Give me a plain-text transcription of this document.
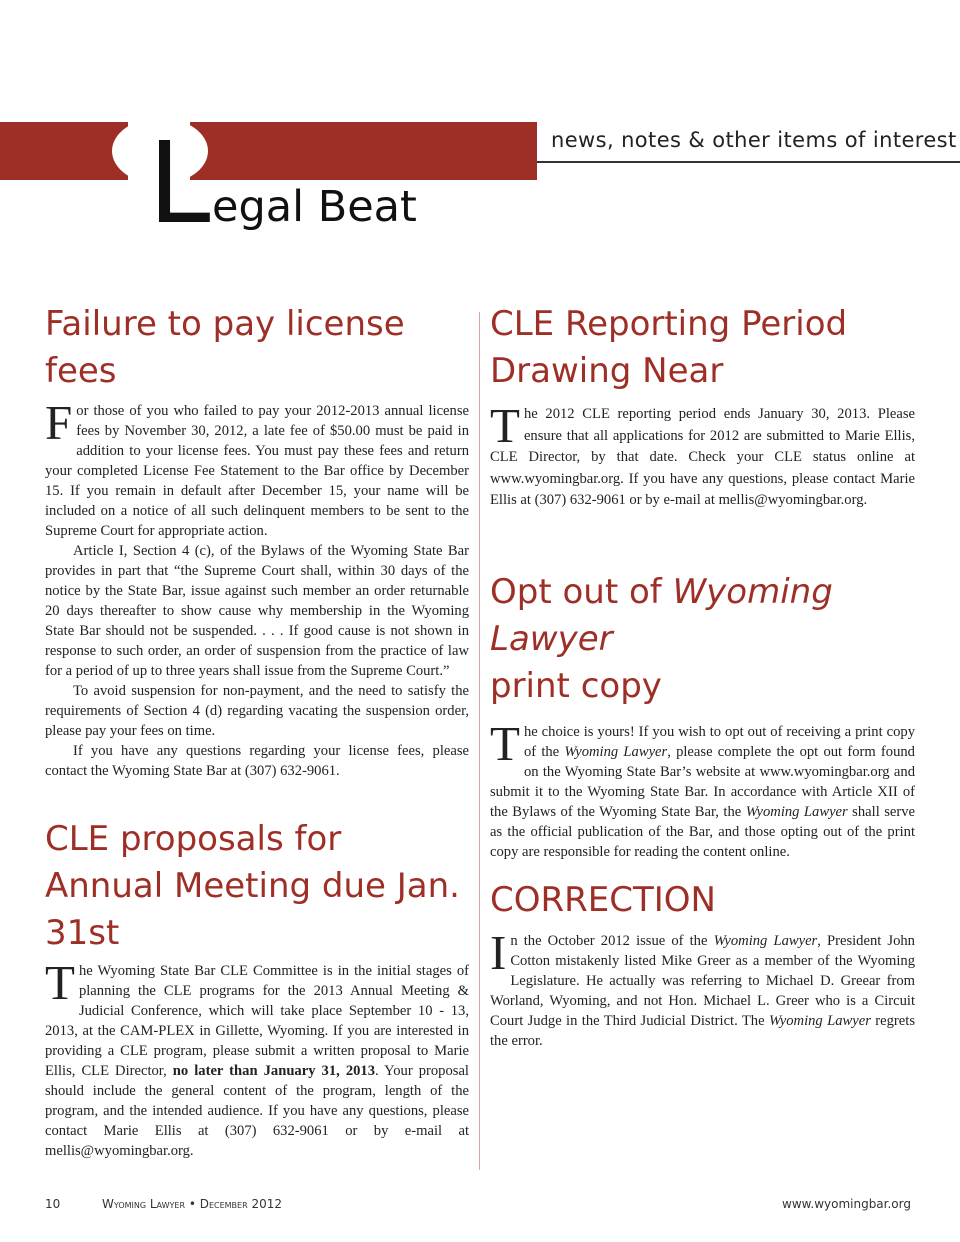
news, notes & other items of interest
L egal Beat
Failure to pay license fees

For those of you who failed to pay your 2012-2013 annual license fees by November 30, 2012, a late fee of $50.00 must be paid in addition to your license fees. You must pay these fees and return your completed License Fee Statement to the Bar office by December 15. If you remain in default after December 15, your name will be included on a notice of all such delinquent members to be sent to the Supreme Court for appropriate action.

Article I, Section 4 (c), of the Bylaws of the Wyoming State Bar provides in part that “the Supreme Court shall, within 30 days of the notice by the State Bar, issue against such member an order returnable 20 days thereafter to show cause why membership in the Wyoming State Bar should not be suspended. . . . If good cause is not shown in response to such order, an order of suspension from the practice of law for a period of up to three years shall issue from the Supreme Court.”

To avoid suspension for non-payment, and the need to satisfy the requirements of Section 4 (d) regarding vacating the suspension order, please pay your fees on time.

If you have any questions regarding your license fees, please contact the Wyoming State Bar at (307) 632-9061.

CLE proposals for
Annual Meeting due Jan. 31st

The Wyoming State Bar CLE Committee is in the initial stages of planning the CLE programs for the 2013 Annual Meeting & Judicial Conference, which will take place September 10 - 13, 2013, at the CAM-PLEX in Gillette, Wyoming. If you are interested in providing a CLE program, please submit a written proposal to Marie Ellis, CLE Director, no later than January 31, 2013. Your proposal should include the general content of the program, length of the program, and the intended audience. If you have any questions, please contact Marie Ellis at (307) 632-9061 or by e-mail at mellis@wyomingbar.org.

CLE Reporting Period
Drawing Near

The 2012 CLE reporting period ends January 30, 2013. Please ensure that all applications for 2012 are submitted to Marie Ellis, CLE Director, by that date. Check your CLE status online at www.wyomingbar.org. If you have any questions, please contact Marie Ellis at (307) 632-9061 or by e-mail at mellis@wyomingbar.org.

Opt out of Wyoming Lawyer
print copy

The choice is yours! If you wish to opt out of receiving a print copy of the Wyoming Lawyer, please complete the opt out form found on the Wyoming State Bar’s website at www.wyomingbar.org and submit it to the Wyoming State Bar. In accordance with Article XII of the Bylaws of the Wyoming State Bar, the Wyoming Lawyer shall serve as the official publication of the Bar, and those opting out of the print copy are responsible for reading the content online.

CORRECTION

In the October 2012 issue of the Wyoming Lawyer, President John Cotton mistakenly listed Mike Greer as a member of the Wyoming Legislature. He actually was referring to Michael D. Greear from Worland, Wyoming, and not Hon. Michael L. Greer who is a Circuit Court Judge in the Third Judicial District. The Wyoming Lawyer regrets the error.

10	Wyoming Lawyer • December 2012	www.wyomingbar.org
